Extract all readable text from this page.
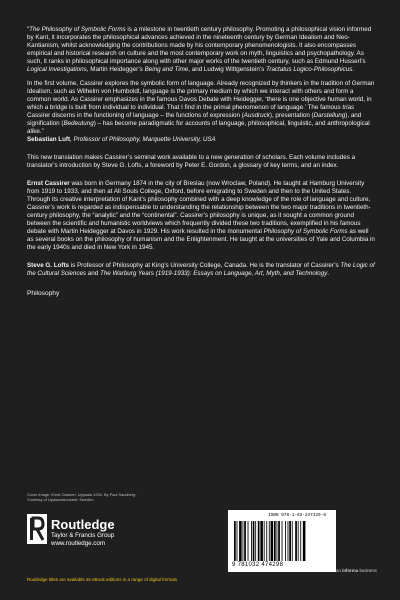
“The Philosophy of Symbolic Forms is a milestone in twentieth century philosophy. Promoting a philosophical vision informed by Kant, it incorporates the philosophical advances achieved in the nineteenth century by German Idealism and Neo-Kantianism, whilst acknowledging the contributions made by his contemporary phenomenologists. It also encompasses empirical and historical research on culture and the most contemporary work on myth, linguistics and psychopathology. As such, it ranks in philosophical importance along with other major works of the twentieth century, such as Edmund Husserl’s Logical Investigations, Martin Heidegger’s Being and Time, and Ludwig Wittgenstein’s Tractatus Logico-Philosophicus.

In the first volume, Cassirer explores the symbolic form of language. Already recognized by thinkers in the tradition of German Idealism, such as Wilhelm von Humboldt, language is the primary medium by which we interact with others and form a common world. As Cassirer emphasizes in the famous Davos Debate with Heidegger, ‘there is one objective human world, in which a bridge is built from individual to individual. That I find in the primal phenomenon of language.’ The famous trias Cassirer discerns in the functioning of language – the functions of expression (Ausdruck), presentation (Darstellung), and signification (Bedeutung) – has become paradigmatic for accounts of language, philosophical, linguistic, and anthropological alike.”

Sebastian Luft, Professor of Philosophy, Marquette University, USA

This new translation makes Cassirer’s seminal work available to a new generation of scholars. Each volume includes a translator’s introduction by Steve G. Lofts, a foreword by Peter E. Gordon, a glossary of key terms, and an index.

Ernst Cassirer was born in Germany 1874 in the city of Breslau (now Wroclaw, Poland). He taught at Hamburg University from 1919 to 1933, and then at All Souls College, Oxford, before emigrating to Sweden and then to the United States. Through its creative interpretation of Kant’s philosophy combined with a deep knowledge of the role of language and culture, Cassirer’s work is regarded as indispensable to understanding the relationship between the two major traditions in twentieth-century philosophy, the “analytic” and the “continental”. Cassirer’s philosophy is unique, as it sought a common ground between the scientific and humanistic worldviews which frequently divided these two traditions, exemplified in his famous debate with Martin Heidegger at Davos in 1929. His work resulted in the monumental Philosophy of Symbolic Forms as well as several books on the philosophy of humanism and the Enlightenment. He taught at the universities of Yale and Columbia in the early 1940s and died in New York in 1945.

Steve G. Lofts is Professor of Philosophy at King’s University College, Canada. He is the translator of Cassirer’s The Logic of the Cultural Sciences and The Warburg Years (1919-1933): Essays on Language, Art, Myth, and Technology.

Philosophy

Cover image: Ernst Cassirer, Uppsala 1934. By Paul Sandberg.
Courtesy of Upplandsmuseet, Sweden.
Routledge
Taylor & Francis Group
www.routledge.com
Routledge titles are available as eBook editions in a range of digital formats
ISBN 978-1-03-247429-8
9 781032 474298
an informa business
